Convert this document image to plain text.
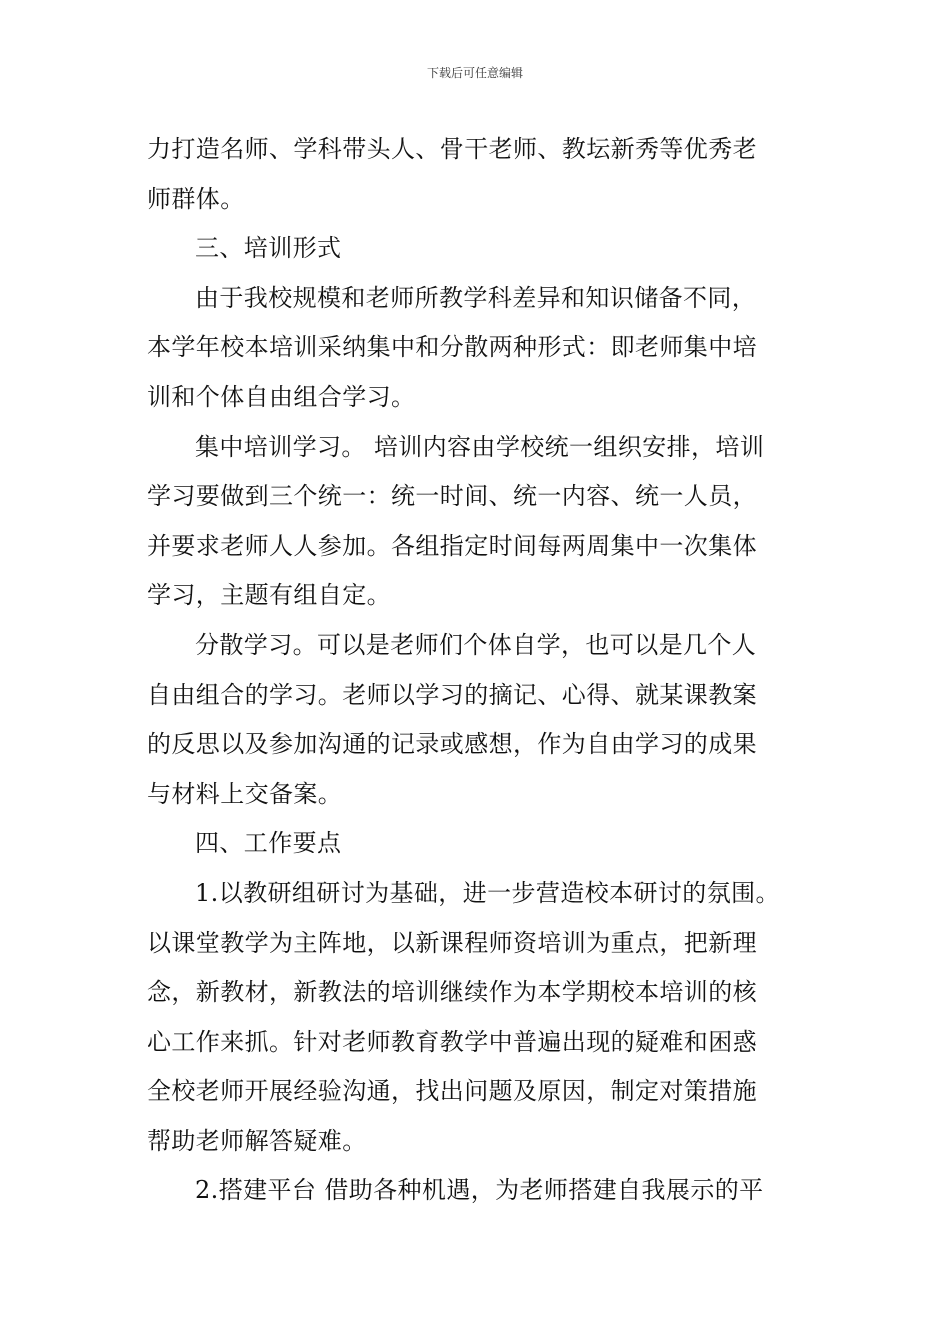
下载后可任意编辑
力打造名师、学科带头人、骨干老师、教坛新秀等优秀老
师群体。
三、培训形式
由于我校规模和老师所教学科差异和知识储备不同，
本学年校本培训采纳集中和分散两种形式：即老师集中培
训和个体自由组合学习。
集中培训学习。 培训内容由学校统一组织安排，培训
学习要做到三个统一：统一时间、统一内容、统一人员，
并要求老师人人参加。各组指定时间每两周集中一次集体
学习，主题有组自定。
分散学习。可以是老师们个体自学，也可以是几个人
自由组合的学习。老师以学习的摘记、心得、就某课教案
的反思以及参加沟通的记录或感想，作为自由学习的成果
与材料上交备案。
四、工作要点
1.以教研组研讨为基础，进一步营造校本研讨的氛围。
以课堂教学为主阵地，以新课程师资培训为重点，把新理
念，新教材，新教法的培训继续作为本学期校本培训的核
心工作来抓。针对老师教育教学中普遍出现的疑难和困惑
全校老师开展经验沟通，找出问题及原因，制定对策措施
帮助老师解答疑难。
2.搭建平台 借助各种机遇，为老师搭建自我展示的平
